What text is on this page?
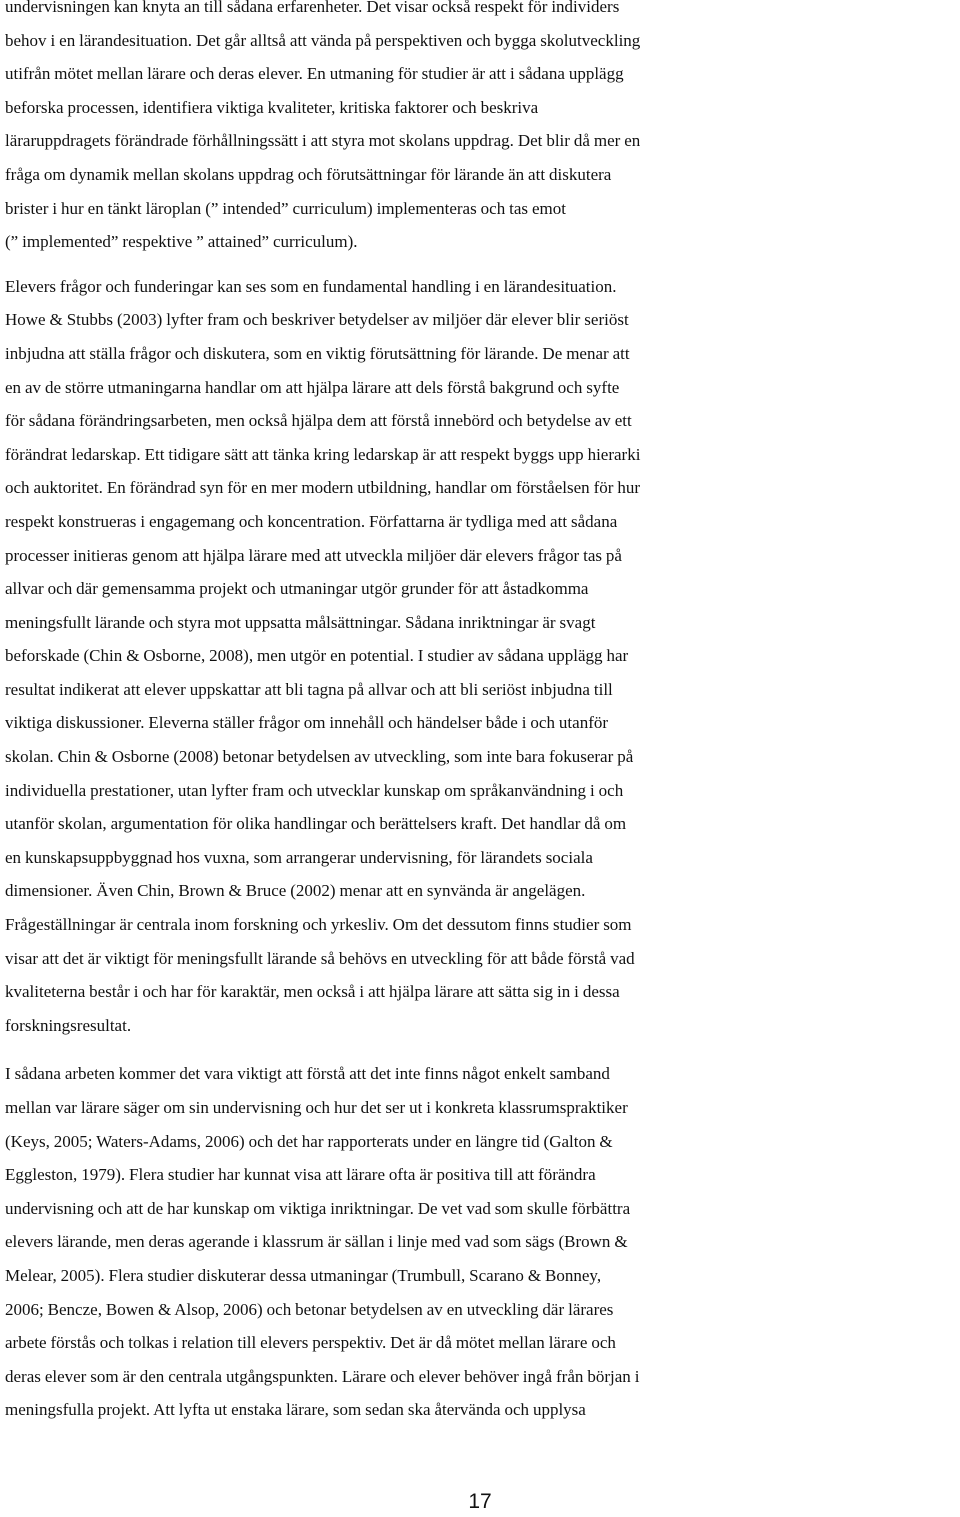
undervisningen kan knyta an till sådana erfarenheter. Det visar också respekt för individers
behov i en lärandesituation. Det går alltså att vända på perspektiven och bygga skolutveckling
utifrån mötet mellan lärare och deras elever. En utmaning för studier är att i sådana upplägg
beforska processen, identifiera viktiga kvaliteter, kritiska faktorer och beskriva
läraruppdragets förändrade förhållningssätt i att styra mot skolans uppdrag. Det blir då mer en
fråga om dynamik mellan skolans uppdrag och förutsättningar för lärande än att diskutera
brister i hur en tänkt läroplan (” intended” curriculum) implementeras och tas emot
(” implemented” respektive ” attained” curriculum).

Elevers frågor och funderingar kan ses som en fundamental handling i en lärandesituation.
Howe & Stubbs (2003) lyfter fram och beskriver betydelser av miljöer där elever blir seriöst
inbjudna att ställa frågor och diskutera, som en viktig förutsättning för lärande. De menar att
en av de större utmaningarna handlar om att hjälpa lärare att dels förstå bakgrund och syfte
för sådana förändringsarbeten, men också hjälpa dem att förstå innebörd och betydelse av ett
förändrat ledarskap. Ett tidigare sätt att tänka kring ledarskap är att respekt byggs upp hierarki
och auktoritet. En förändrad syn för en mer modern utbildning, handlar om förståelsen för hur
respekt konstrueras i engagemang och koncentration. Författarna är tydliga med att sådana
processer initieras genom att hjälpa lärare med att utveckla miljöer där elevers frågor tas på
allvar och där gemensamma projekt och utmaningar utgör grunder för att åstadkomma
meningsfullt lärande och styra mot uppsatta målsättningar. Sådana inriktningar är svagt
beforskade (Chin & Osborne, 2008), men utgör en potential. I studier av sådana upplägg har
resultat indikerat att elever uppskattar att bli tagna på allvar och att bli seriöst inbjudna till
viktiga diskussioner. Eleverna ställer frågor om innehåll och händelser både i och utanför
skolan. Chin & Osborne (2008) betonar betydelsen av utveckling, som inte bara fokuserar på
individuella prestationer, utan lyfter fram och utvecklar kunskap om språkanvändning i och
utanför skolan, argumentation för olika handlingar och berättelsers kraft. Det handlar då om
en kunskapsuppbyggnad hos vuxna, som arrangerar undervisning, för lärandets sociala
dimensioner. Även Chin, Brown & Bruce (2002) menar att en synvända är angelägen.
Frågeställningar är centrala inom forskning och yrkesliv. Om det dessutom finns studier som
visar att det är viktigt för meningsfullt lärande så behövs en utveckling för att både förstå vad
kvaliteterna består i och har för karaktär, men också i att hjälpa lärare att sätta sig in i dessa
forskningsresultat.

I sådana arbeten kommer det vara viktigt att förstå att det inte finns något enkelt samband
mellan var lärare säger om sin undervisning och hur det ser ut i konkreta klassrumspraktiker
(Keys, 2005; Waters-Adams, 2006) och det har rapporterats under en längre tid (Galton &
Eggleston, 1979). Flera studier har kunnat visa att lärare ofta är positiva till att förändra
undervisning och att de har kunskap om viktiga inriktningar. De vet vad som skulle förbättra
elevers lärande, men deras agerande i klassrum är sällan i linje med vad som sägs (Brown &
Melear, 2005). Flera studier diskuterar dessa utmaningar (Trumbull, Scarano & Bonney,
2006; Bencze, Bowen & Alsop, 2006) och betonar betydelsen av en utveckling där lärares
arbete förstås och tolkas i relation till elevers perspektiv. Det är då mötet mellan lärare och
deras elever som är den centrala utgångspunkten. Lärare och elever behöver ingå från början i
meningsfulla projekt. Att lyfta ut enstaka lärare, som sedan ska återvända och upplysa

17
